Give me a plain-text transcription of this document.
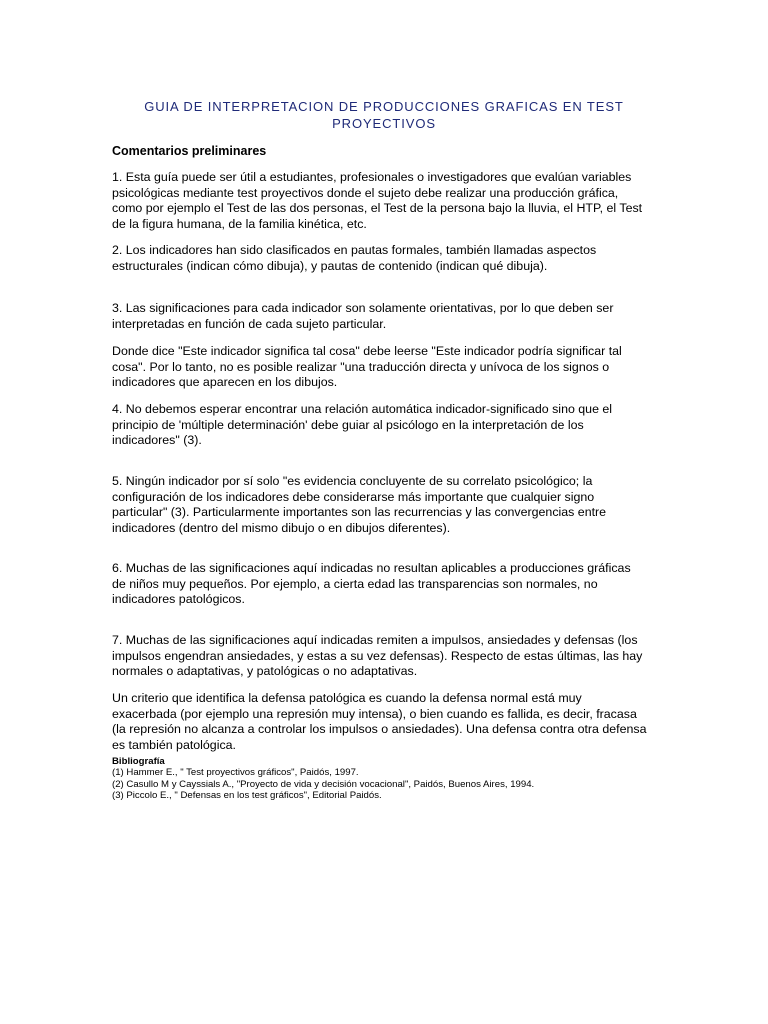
GUIA DE INTERPRETACION DE PRODUCCIONES GRAFICAS EN TEST
PROYECTIVOS
Comentarios preliminares
1. Esta guía puede ser útil a estudiantes, profesionales o investigadores que evalúan variables
psicológicas mediante test proyectivos donde el sujeto debe realizar una producción gráfica,
como por ejemplo el Test de las dos personas, el Test de la persona bajo la lluvia, el HTP, el Test
de la figura humana, de la familia kinética, etc.
2. Los indicadores han sido clasificados en pautas formales, también llamadas aspectos
estructurales (indican cómo dibuja), y pautas de contenido (indican qué dibuja).
3. Las significaciones para cada indicador son solamente orientativas, por lo que deben ser
interpretadas en función de cada sujeto particular.
Donde dice "Este indicador significa tal cosa" debe leerse "Este indicador podría significar tal
cosa". Por lo tanto, no es posible realizar "una traducción directa y unívoca de los signos o
indicadores que aparecen en los dibujos.
4. No debemos esperar encontrar una relación automática indicador-significado sino que el
principio de 'múltiple determinación' debe guiar al psicólogo en la interpretación de los
indicadores" (3).
5. Ningún indicador por sí solo "es evidencia concluyente de su correlato psicológico; la
configuración de los indicadores debe considerarse más importante que cualquier signo
particular" (3). Particularmente importantes son las recurrencias y las convergencias entre
indicadores (dentro del mismo dibujo o en dibujos diferentes).
6. Muchas de las significaciones aquí indicadas no resultan aplicables a producciones gráficas
de niños muy pequeños. Por ejemplo, a cierta edad las transparencias son normales, no
indicadores patológicos.
7. Muchas de las significaciones aquí indicadas remiten a impulsos, ansiedades y defensas (los
impulsos engendran ansiedades, y estas a su vez defensas). Respecto de estas últimas, las hay
normales o adaptativas, y patológicas o no adaptativas.
Un criterio que identifica la defensa patológica es cuando la defensa normal está muy
exacerbada (por ejemplo una represión muy intensa), o bien cuando es fallida, es decir, fracasa
(la represión no alcanza a controlar los impulsos o ansiedades). Una defensa contra otra defensa
es también patológica.
Bibliografía
(1) Hammer E., " Test proyectivos gráficos", Paidós, 1997.
(2) Casullo M y Cayssials A., "Proyecto de vida y decisión vocacional", Paidós, Buenos Aires, 1994.
(3) Piccolo E., " Defensas en los test gráficos", Editorial Paidós.
